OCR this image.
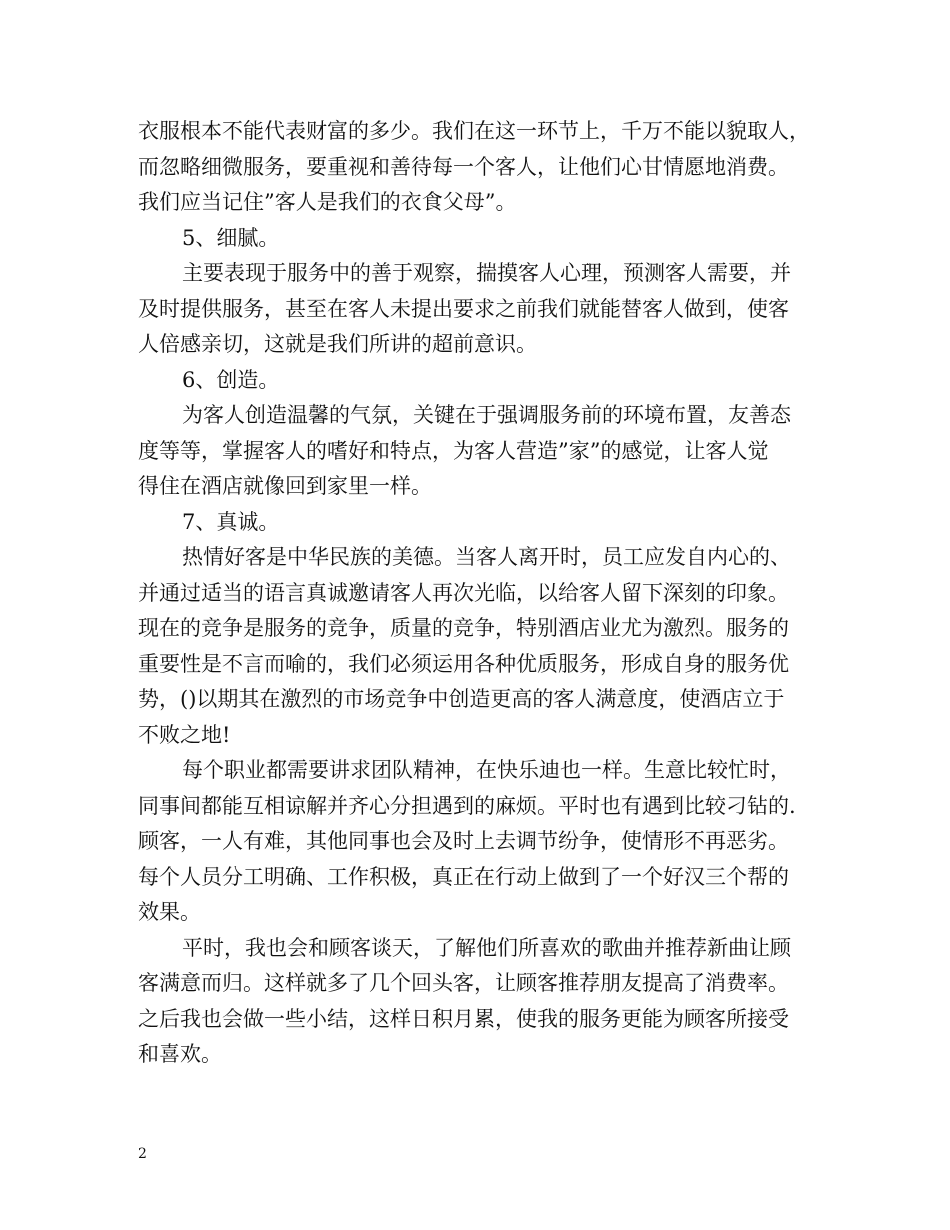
衣服根本不能代表财富的多少。我们在这一环节上，千万不能以貌取人，
而忽略细微服务，要重视和善待每一个客人，让他们心甘情愿地消费。
我们应当记住”客人是我们的衣食父母”。
5、细腻。
主要表现于服务中的善于观察，揣摸客人心理，预测客人需要，并
及时提供服务，甚至在客人未提出要求之前我们就能替客人做到，使客
人倍感亲切，这就是我们所讲的超前意识。
6、创造。
为客人创造温馨的气氛，关键在于强调服务前的环境布置，友善态
度等等，掌握客人的嗜好和特点，为客人营造”家”的感觉，让客人觉
得住在酒店就像回到家里一样。
7、真诚。
热情好客是中华民族的美德。当客人离开时，员工应发自内心的、
并通过适当的语言真诚邀请客人再次光临，以给客人留下深刻的印象。
现在的竞争是服务的竞争，质量的竞争，特别酒店业尤为激烈。服务的
重要性是不言而喻的，我们必须运用各种优质服务，形成自身的服务优
势，()以期其在激烈的市场竞争中创造更高的客人满意度，使酒店立于
不败之地!
每个职业都需要讲求团队精神，在快乐迪也一样。生意比较忙时，
同事间都能互相谅解并齐心分担遇到的麻烦。平时也有遇到比较刁钻的.
顾客，一人有难，其他同事也会及时上去调节纷争，使情形不再恶劣。
每个人员分工明确、工作积极，真正在行动上做到了一个好汉三个帮的
效果。
平时，我也会和顾客谈天，了解他们所喜欢的歌曲并推荐新曲让顾
客满意而归。这样就多了几个回头客，让顾客推荐朋友提高了消费率。
之后我也会做一些小结，这样日积月累，使我的服务更能为顾客所接受
和喜欢。
2
